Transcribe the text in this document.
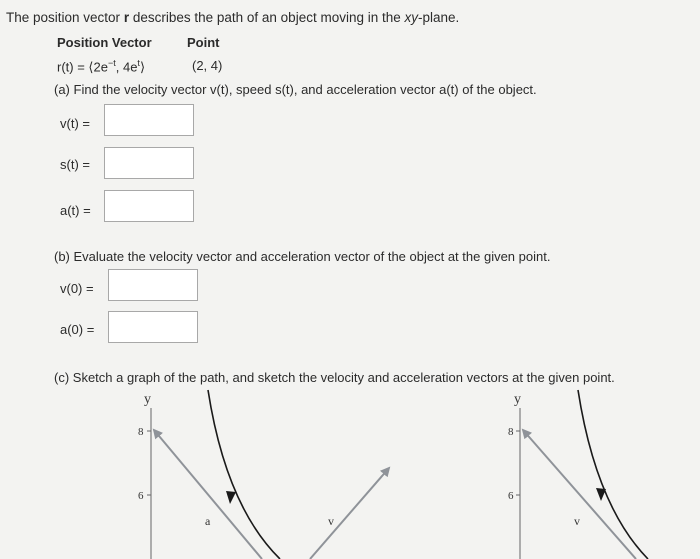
The position vector r describes the path of an object moving in the xy-plane.
Position Vector	Point
$r(t) = ⟨2e^{-t}$, $4e^t⟩$	(2, 4)
(a) Find the velocity vector v(t), speed s(t), and acceleration vector a(t) of the object.
v(t) =
s(t) =
a(t) =
(b) Evaluate the velocity vector and acceleration vector of the object at the given point.
v(0) =
a(0) =
(c) Sketch a graph of the path, and sketch the velocity and acceleration vectors at the given point.
y
8
6
a	v
y
8
6
v
